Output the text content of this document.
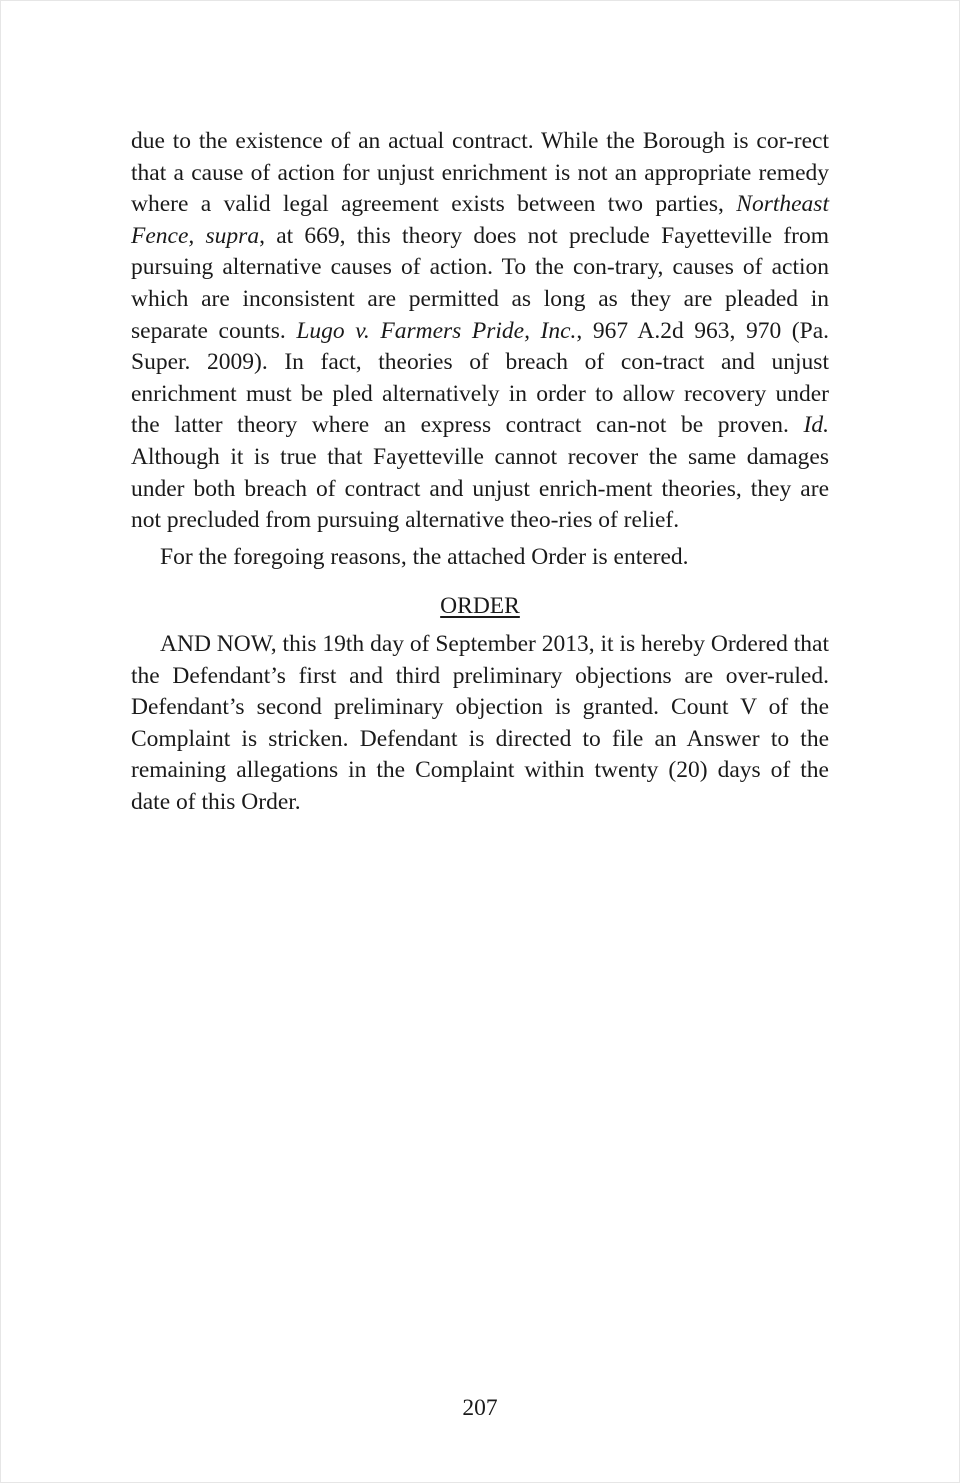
due to the existence of an actual contract. While the Borough is cor-rect that a cause of action for unjust enrichment is not an appropriate remedy where a valid legal agreement exists between two parties, Northeast Fence, supra, at 669, this theory does not preclude Fayetteville from pursuing alternative causes of action. To the con-trary, causes of action which are inconsistent are permitted as long as they are pleaded in separate counts. Lugo v. Farmers Pride, Inc., 967 A.2d 963, 970 (Pa. Super. 2009). In fact, theories of breach of con-tract and unjust enrichment must be pled alternatively in order to allow recovery under the latter theory where an express contract can-not be proven. Id. Although it is true that Fayetteville cannot recover the same damages under both breach of contract and unjust enrich-ment theories, they are not precluded from pursuing alternative theo-ries of relief.

For the foregoing reasons, the attached Order is entered.

ORDER

AND NOW, this 19th day of September 2013, it is hereby Ordered that the Defendant’s first and third preliminary objections are over-ruled. Defendant’s second preliminary objection is granted. Count V of the Complaint is stricken. Defendant is directed to file an Answer to the remaining allegations in the Complaint within twenty (20) days of the date of this Order.

207
